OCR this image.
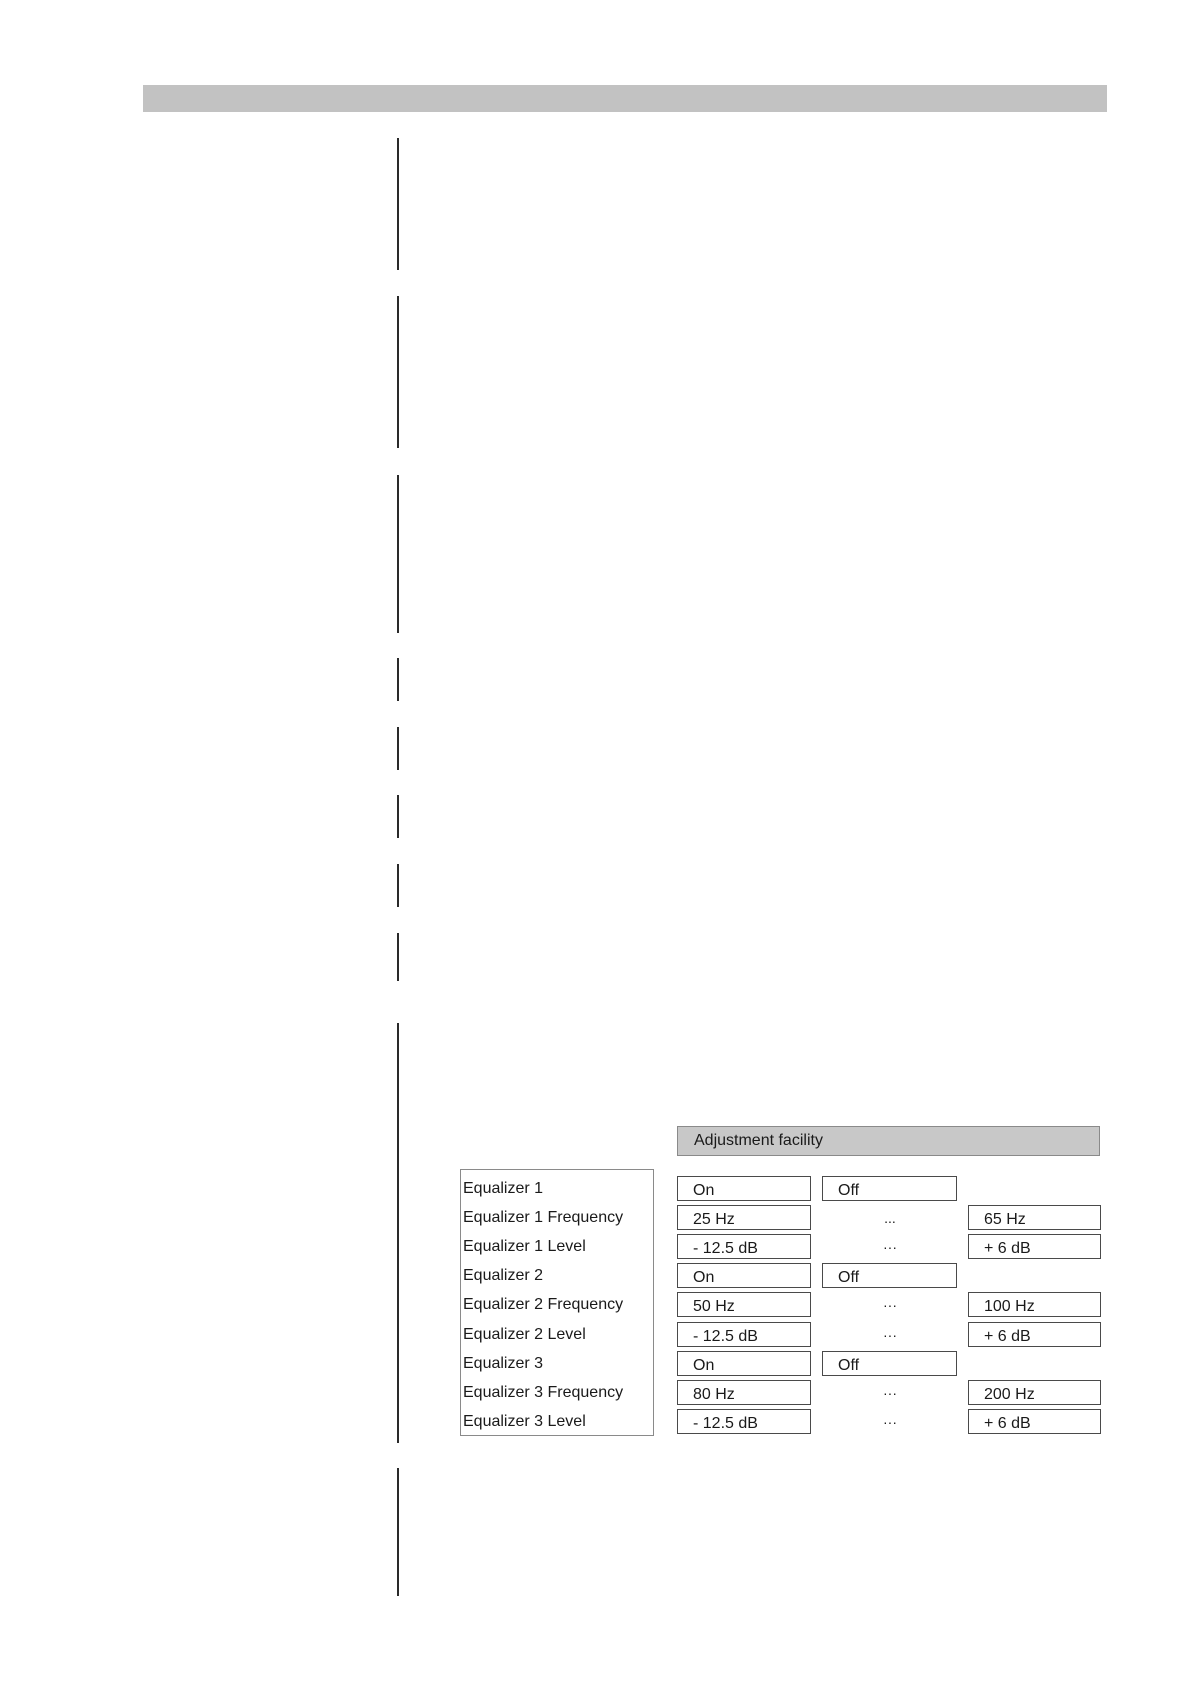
Adjustment facility
Equalizer 1	On	Off
Equalizer 1 Frequency	25 Hz	...	65 Hz
Equalizer 1 Level	- 12.5 dB	···	+ 6 dB
Equalizer 2	On	Off
Equalizer 2 Frequency	50 Hz	···	100 Hz
Equalizer 2 Level	- 12.5 dB	···	+ 6 dB
Equalizer 3	On	Off
Equalizer 3 Frequency	80 Hz	···	200 Hz
Equalizer 3 Level	- 12.5 dB	···	+ 6 dB
